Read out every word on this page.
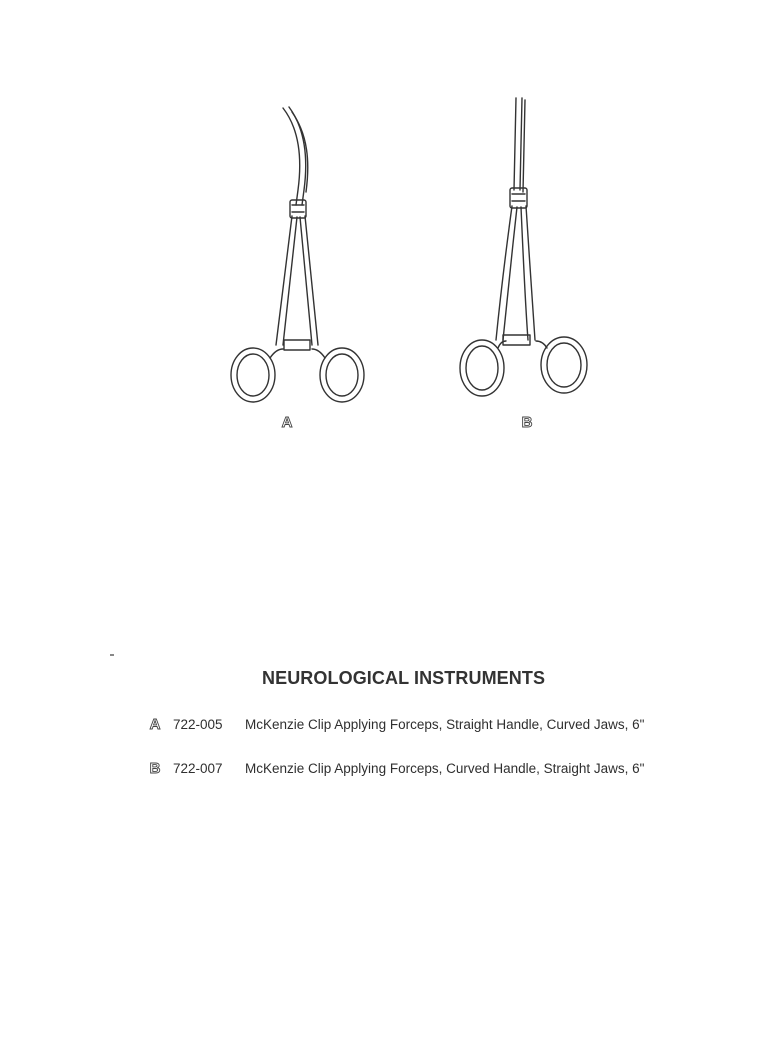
A	B
NEUROLOGICAL INSTRUMENTS
A 722-005 McKenzie Clip Applying Forceps, Straight Handle, Curved Jaws, 6"
B 722-007 McKenzie Clip Applying Forceps, Curved Handle, Straight Jaws, 6"
